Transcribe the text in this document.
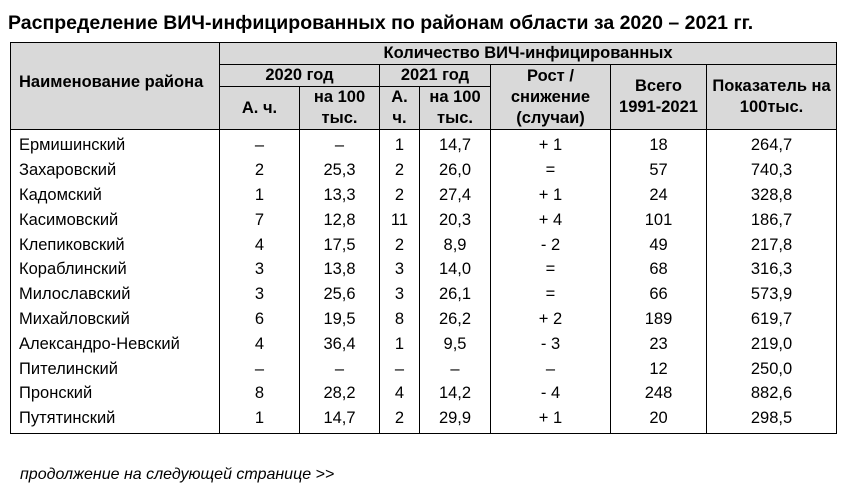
Распределение ВИЧ-инфицированных по районам области за 2020 – 2021 гг.
Наименование района	Количество ВИЧ-инфицированных						
	2020 год		2021 год		Рост / снижение (случаи)	Всего 1991-2021	Показатель на 100тыс.
	А. ч.	на 100 тыс.	А. ч.	на 100 тыс.			
Ермишинский	–	–	1	14,7	+ 1	18	264,7
Захаровский	2	25,3	2	26,0	=	57	740,3
Кадомский	1	13,3	2	27,4	+ 1	24	328,8
Касимовский	7	12,8	11	20,3	+ 4	101	186,7
Клепиковский	4	17,5	2	8,9	- 2	49	217,8
Кораблинский	3	13,8	3	14,0	=	68	316,3
Милославский	3	25,6	3	26,1	=	66	573,9
Михайловский	6	19,5	8	26,2	+ 2	189	619,7
Александро-Невский	4	36,4	1	9,5	- 3	23	219,0
Пителинский	–	–	–	–	–	12	250,0
Пронский	8	28,2	4	14,2	- 4	248	882,6
Путятинский	1	14,7	2	29,9	+ 1	20	298,5
продолжение на следующей странице >>
